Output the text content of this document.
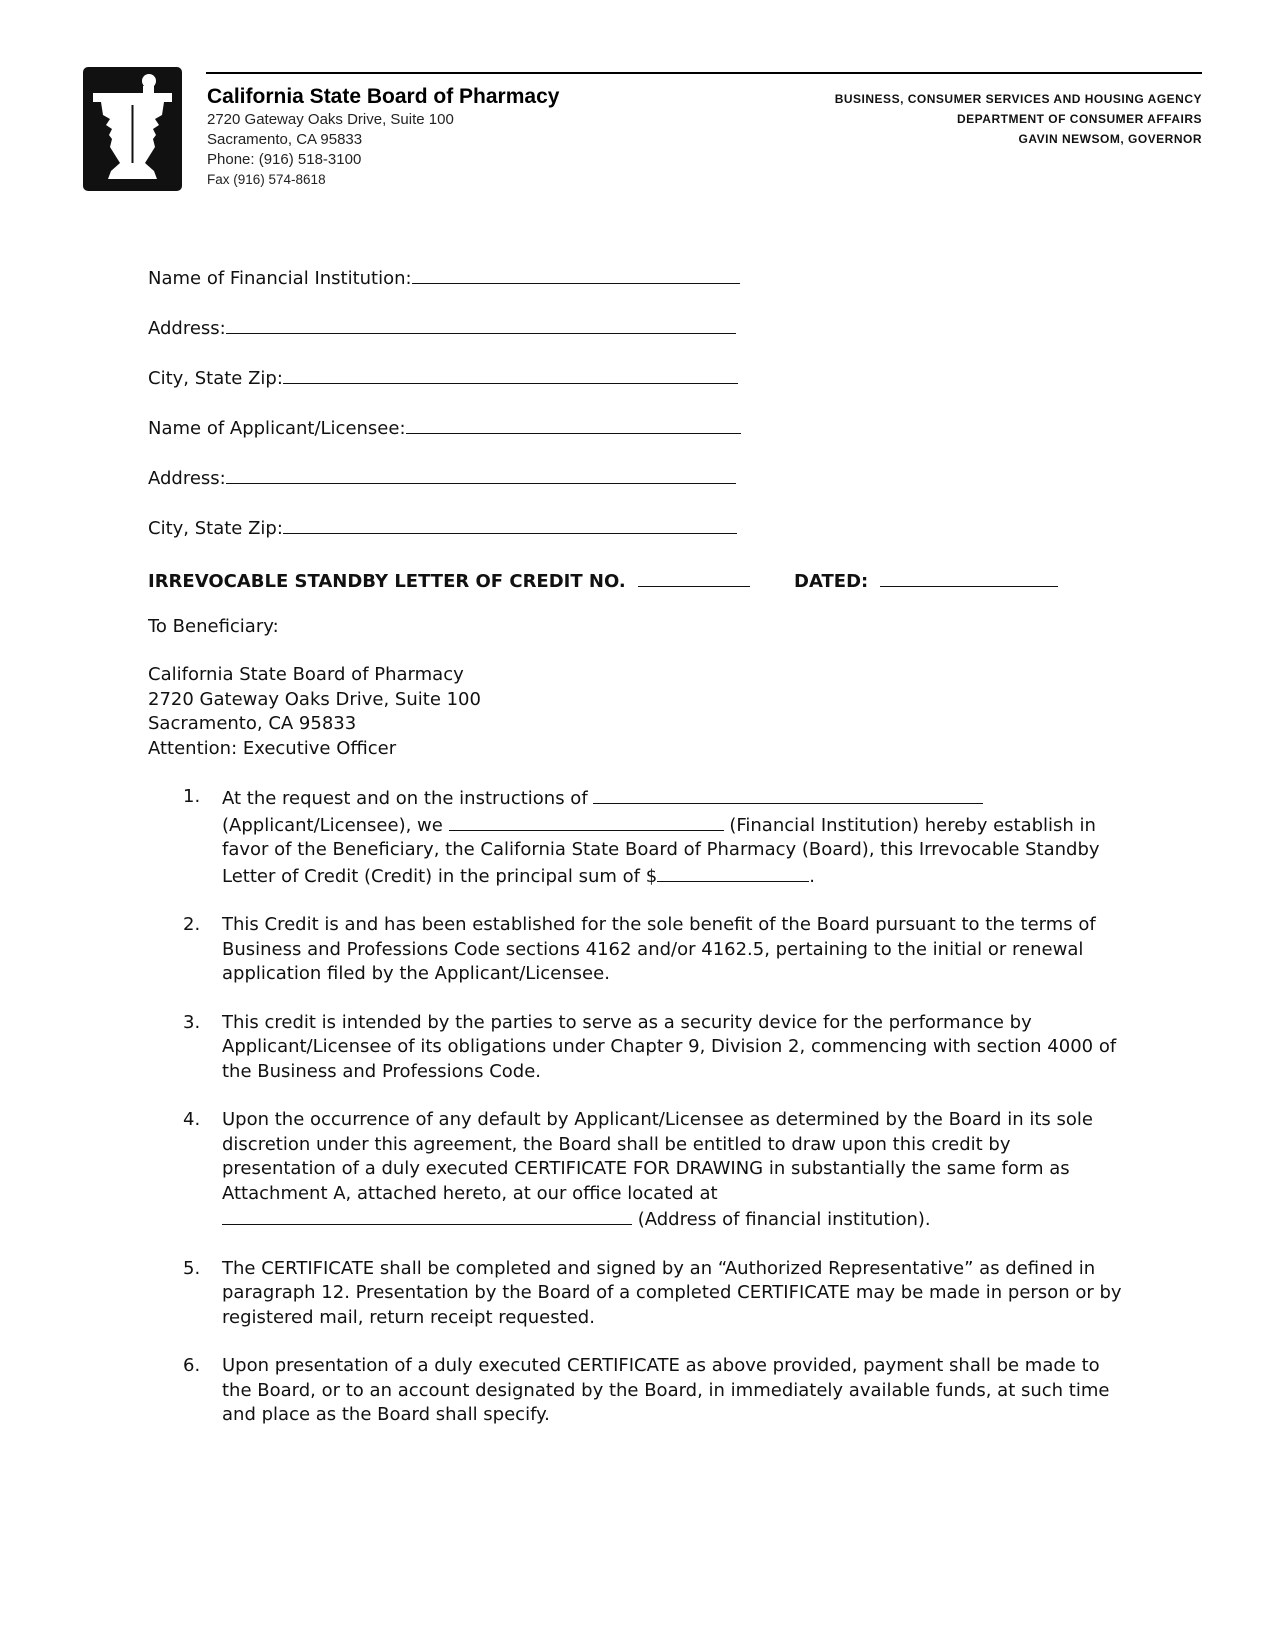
California State Board of Pharmacy
2720 Gateway Oaks Drive, Suite 100
Sacramento, CA 95833
Phone: (916) 518-3100
Fax (916) 574-8618
BUSINESS, CONSUMER SERVICES AND HOUSING AGENCY
DEPARTMENT OF CONSUMER AFFAIRS
GAVIN NEWSOM, GOVERNOR
Name of Financial Institution:
Address:
City, State Zip:
Name of Applicant/Licensee:
Address:
City, State Zip:
IRREVOCABLE STANDBY LETTER OF CREDIT NO.	DATED:
To Beneficiary:
California State Board of Pharmacy
2720 Gateway Oaks Drive, Suite 100
Sacramento, CA 95833
Attention: Executive Officer
1. At the request and on the instructions of  (Applicant/Licensee), we	(Financial Institution) hereby establish in favor of the Beneficiary, the California State Board of Pharmacy (Board), this Irrevocable Standby Letter of Credit (Credit) in the principal sum of $	.
2. This Credit is and has been established for the sole benefit of the Board pursuant to the terms of Business and Professions Code sections 4162 and/or 4162.5, pertaining to the initial or renewal application filed by the Applicant/Licensee.
3. This credit is intended by the parties to serve as a security device for the performance by Applicant/Licensee of its obligations under Chapter 9, Division 2, commencing with section 4000 of the Business and Professions Code.
4. Upon the occurrence of any default by Applicant/Licensee as determined by the Board in its sole discretion under this agreement, the Board shall be entitled to draw upon this credit by presentation of a duly executed CERTIFICATE FOR DRAWING in substantially the same form as Attachment A, attached hereto, at our office located at  (Address of financial institution).
5. The CERTIFICATE shall be completed and signed by an “Authorized Representative” as defined in paragraph 12. Presentation by the Board of a completed CERTIFICATE may be made in person or by registered mail, return receipt requested.
6. Upon presentation of a duly executed CERTIFICATE as above provided, payment shall be made to the Board, or to an account designated by the Board, in immediately available funds, at such time and place as the Board shall specify.
